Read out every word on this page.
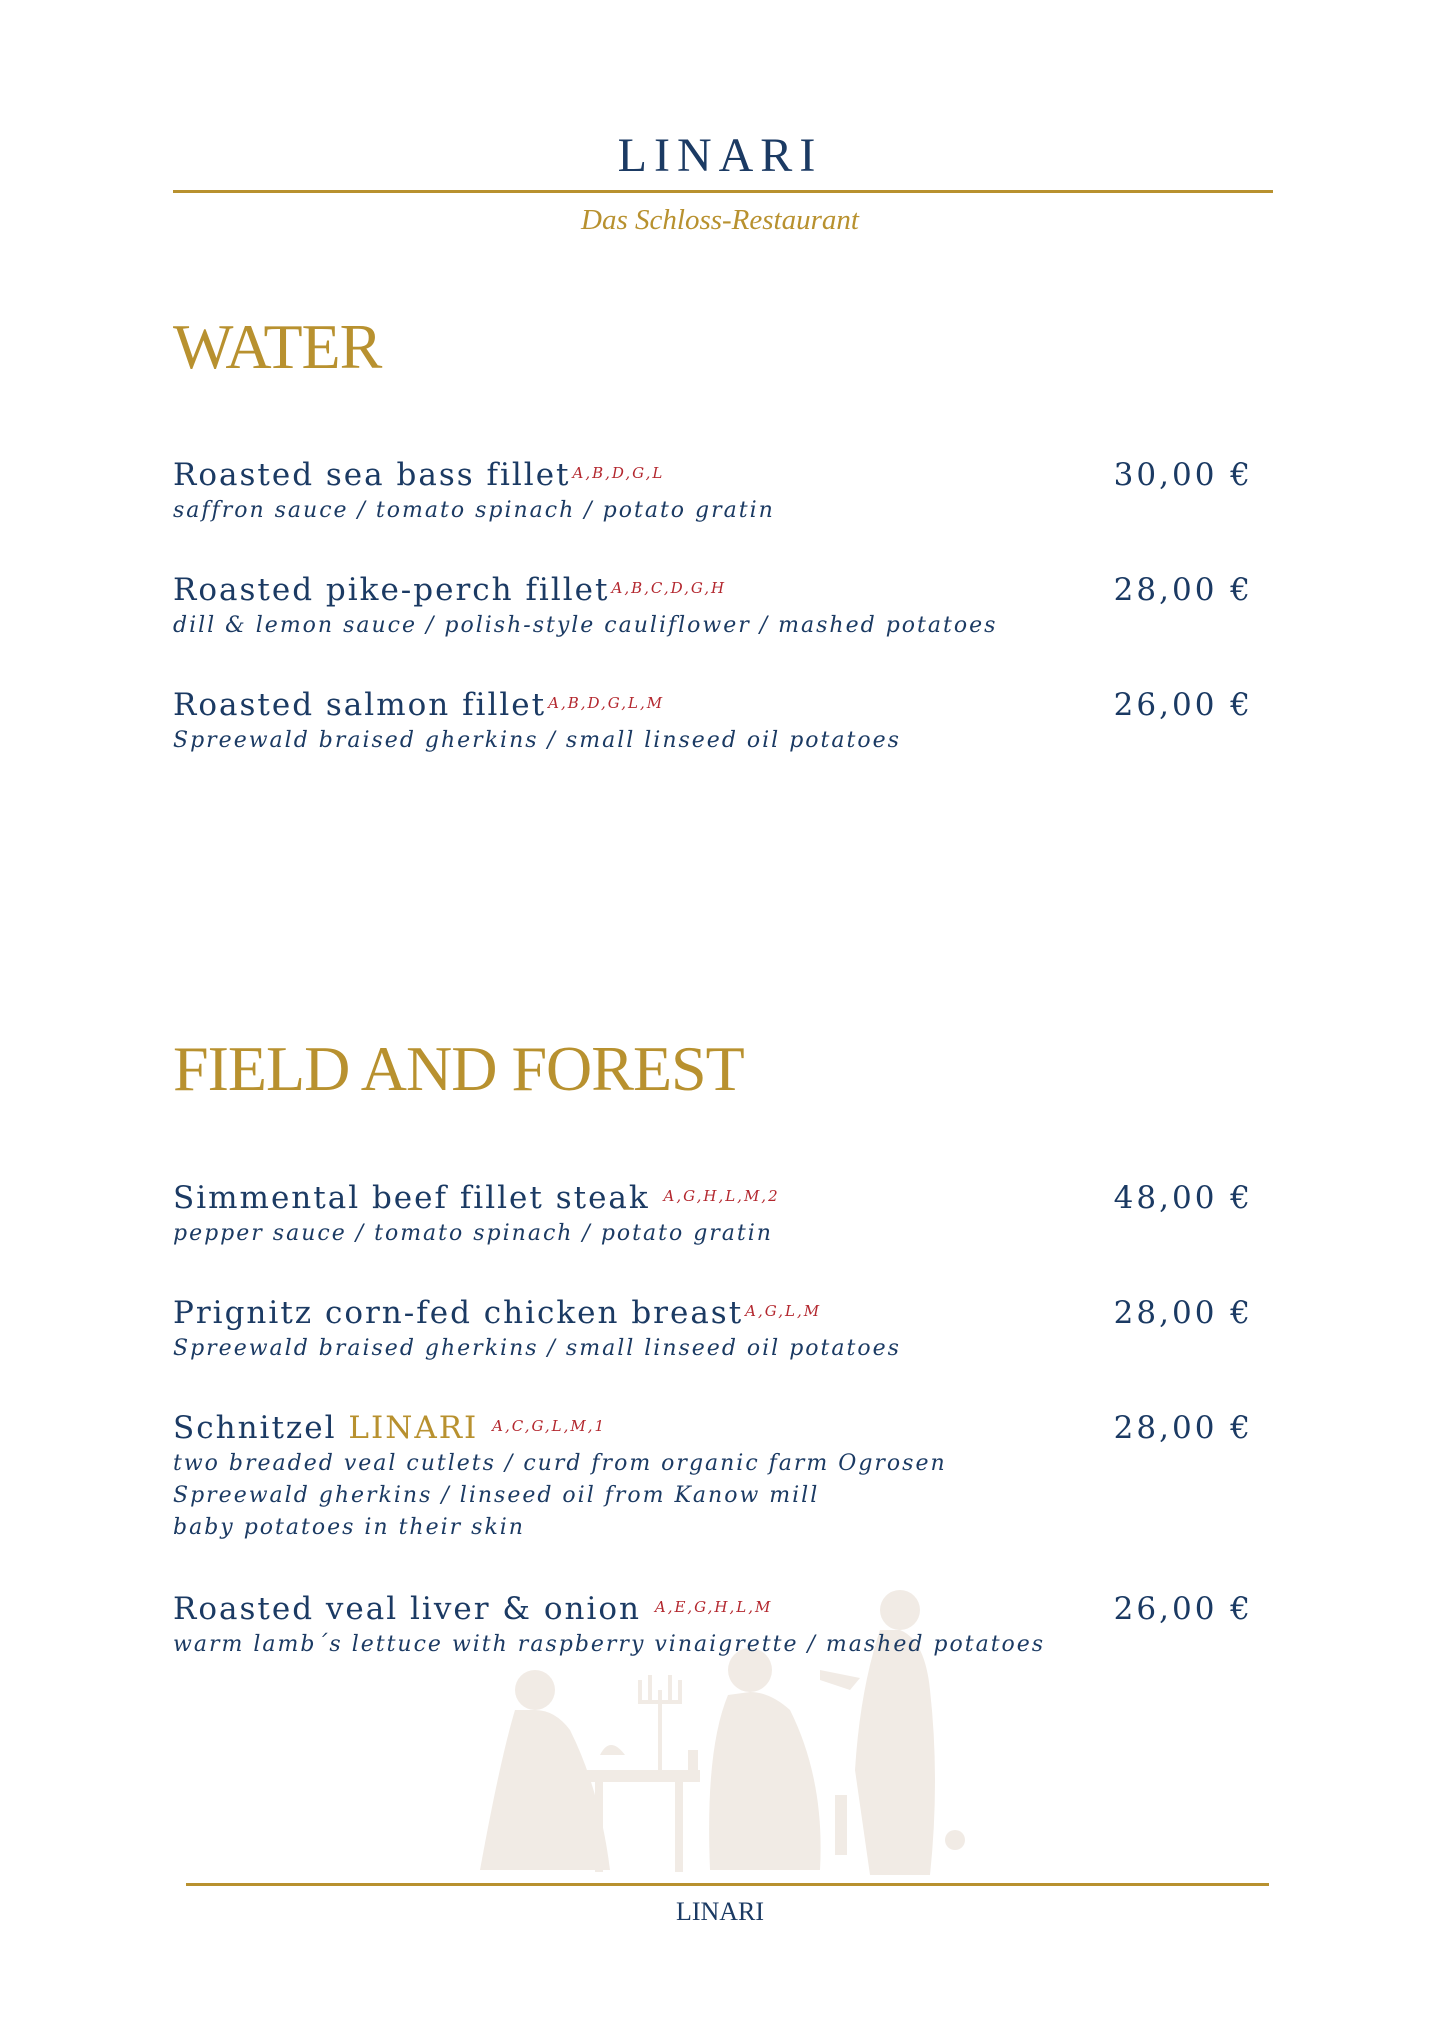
LINARI
Das Schloss-Restaurant
WATER
Roasted sea bass fillet $^{A,B,D,G,L}$
saffron sauce / tomato spinach / potato gratin
30,00 €
Roasted pike-perch fillet $^{A,B,C,D,G,H}$
dill & lemon sauce / polish-style cauliflower / mashed potatoes
28,00 €
Roasted salmon fillet $^{A,B,D,G,L,M}$
Spreewald braised gherkins / small linseed oil potatoes
26,00 €
FIELD AND FOREST
Simmental beef fillet steak $^{A,G,H,L,M,2}$
pepper sauce / tomato spinach / potato gratin
48,00 €
Prignitz corn-fed chicken breast $^{A,G,L,M}$
Spreewald braised gherkins / small linseed oil potatoes
28,00 €
Schnitzel LINARI $^{A,C,G,L,M,1}$
two breaded veal cutlets / curd from organic farm Ogrosen
Spreewald gherkins / linseed oil from Kanow mill
baby potatoes in their skin
28,00 €
Roasted veal liver & onion $^{A,E,G,H,L,M}$
warm lamb´s lettuce with raspberry vinaigrette / mashed potatoes
26,00 €
LINARI
